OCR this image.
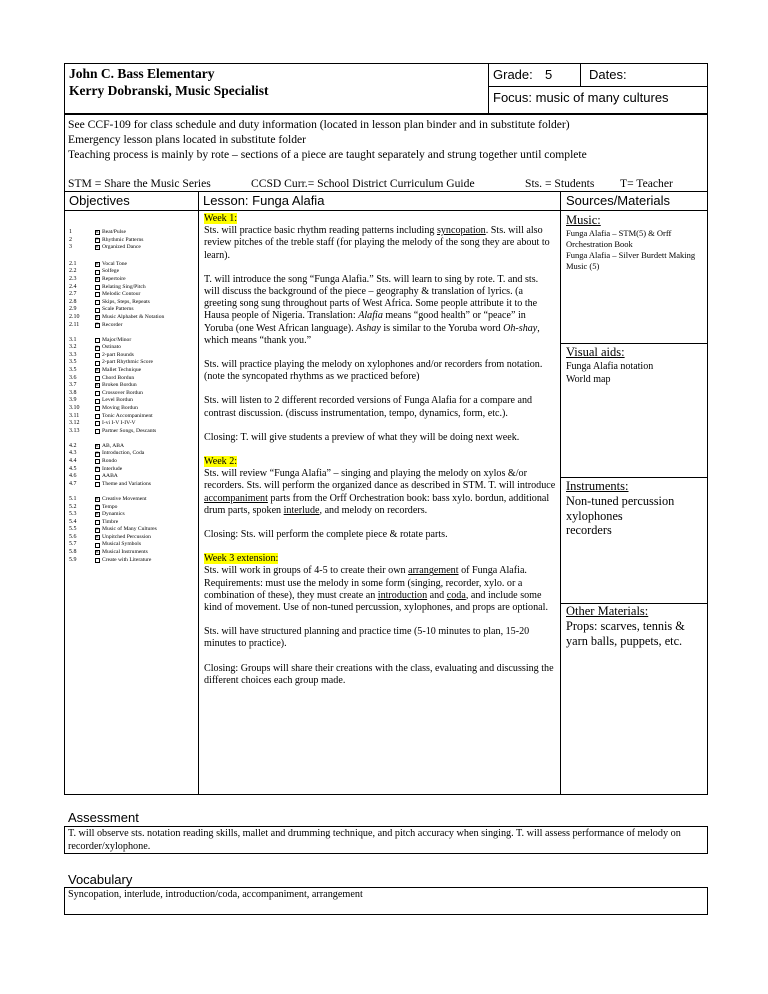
John C. Bass Elementary
Kerry Dobranski, Music Specialist
Grade: 5	Dates:
Focus: music of many cultures
See CCF-109 for class schedule and duty information (located in lesson plan binder and in substitute folder)
Emergency lesson plans located in substitute folder
Teaching process is mainly by rote – sections of a piece are taught separately and strung together until complete
STM = Share the Music Series	CCSD Curr.= School District Curriculum Guide	Sts. = Students T= Teacher
Objectives	Lesson: Funga Alafia	Sources/Materials
1 ×	Beat/Pulse
2 ×	Rhythmic Patterns
3 ×	Organized Dance
2.1 ×	Vocal Tone
2.2	Solfege
2.3 ×	Repertoire
2.4	Relating Sing/Pitch
2.7	Melodic Contour
2.8	Skips, Steps, Repeats
2.9	Scale Patterns
2.10 ×	Music Alphabet & Notation
2.11 ×	Recorder
3.1	Major/Minor
3.2 ×	Ostinato
3.3	2-part Rounds
3.5	2-part Rhythmic Score
3.5 ×	Mallet Technique
3.6	Chord Bordun
3.7 ×	Broken Bordun
3.8	Crossover Bordun
3.9	Level Bordun
3.10	Moving Bordun
3.11	Tonic Accompaniment
3.12	I-vi I-V I-IV-V
3.13	Partner Songs, Descants
4.2 ×	AB, ABA
4.3 ×	Introduction, Coda
4.4	Rondo
4.5 ×	Interlude
4.6	AABA
4.7	Theme and Variations
5.1 ×	Creative Movement
5.2 ×	Tempo
5.3 ×	Dynamics
5.4	Timbre
5.5 ×	Music of Many Cultures
5.6 ×	Unpitched Percussion
5.7	Musical Symbols
5.8 ×	Musical Instruments
5.9	Create with Literature

Week 1:

Sts. will practice basic rhythm reading patterns including syncopation. Sts. will also review pitches of the treble staff (for playing the melody of the song they are about to learn).

T. will introduce the song “Funga Alafia.” Sts. will learn to sing by rote. T. and sts. will discuss the background of the piece – geography & translation of lyrics. (a greeting song sung throughout parts of West Africa. Some people attribute it to the Hausa people of Nigeria. Translation: Alafia means “good health” or “peace” in Yoruba (one West African language). Ashay is similar to the Yoruba word Oh-shay, which means “thank you.”

Sts. will practice playing the melody on xylophones and/or recorders from notation. (note the syncopated rhythms as we practiced before)

Sts. will listen to 2 different recorded versions of Funga Alafia for a compare and contrast discussion. (discuss instrumentation, tempo, dynamics, form, etc.).

Closing: T. will give students a preview of what they will be doing next week.

Week 2:

Sts. will review “Funga Alafia” – singing and playing the melody on xylos &/or recorders. Sts. will perform the organized dance as described in STM. T. will introduce accompaniment parts from the Orff Orchestration book: bass xylo. bordun, additional drum parts, spoken interlude, and melody on recorders.

Closing: Sts. will perform the complete piece & rotate parts.

Week 3 extension:

Sts. will work in groups of 4-5 to create their own arrangement of Funga Alafia. Requirements: must use the melody in some form (singing, recorder, xylo. or a combination of these), they must create an introduction and coda, and include some kind of movement. Use of non-tuned percussion, xylophones, and props are optional.

Sts. will have structured planning and practice time (5-10 minutes to plan, 15-20 minutes to practice).

Closing: Groups will share their creations with the class, evaluating and discussing the different choices each group made.

Music:
Funga Alafia – STM(5) & Orff Orchestration Book
Funga Alafia – Silver Burdett Making Music (5)
Visual aids:
Funga Alafia notation
World map
Instruments:
Non-tuned percussion
xylophones
recorders
Other Materials:
Props: scarves, tennis & yarn balls, puppets, etc.
Assessment
T. will observe sts. notation reading skills, mallet and drumming technique, and pitch accuracy when singing. T. will assess performance of melody on recorder/xylophone.
Vocabulary
Syncopation, interlude, introduction/coda, accompaniment, arrangement
